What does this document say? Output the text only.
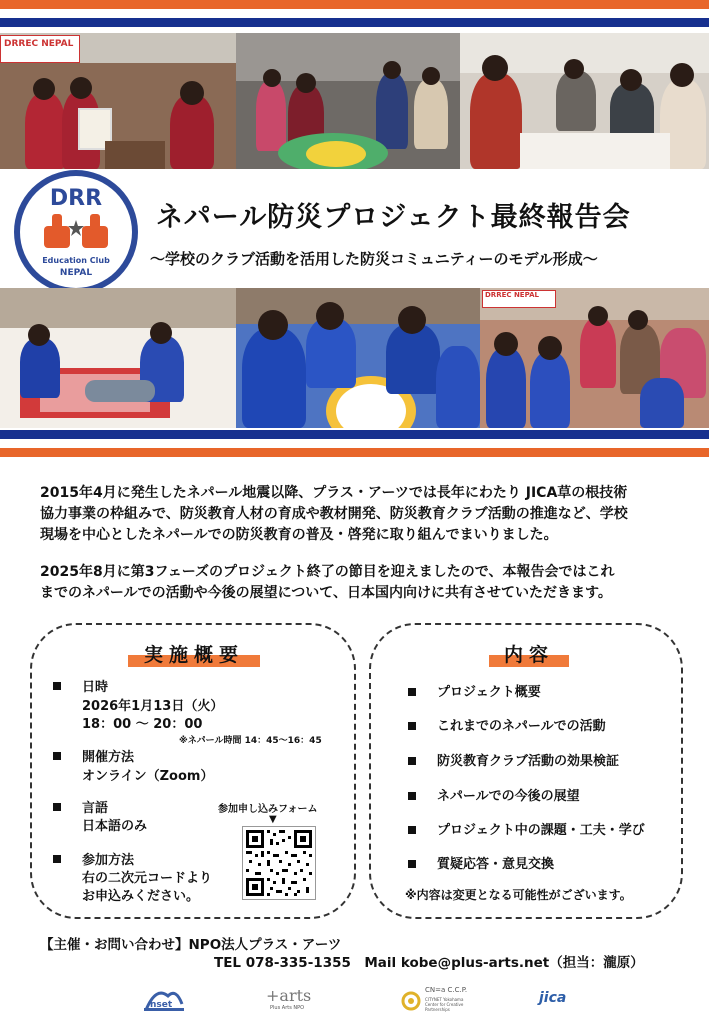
DRREC NEPAL
DRR
Education Club
NEPAL
ネパール防災プロジェクト最終報告会
〜学校のクラブ活動を活用した防災コミュニティーのモデル形成〜
DRREC NEPAL
2015年4月に発生したネパール地震以降、プラス・アーツでは長年にわたり JICA草の根技術
協力事業の枠組みで、防災教育人材の育成や教材開発、防災教育クラブ活動の推進など、学校
現場を中心としたネパールでの防災教育の普及・啓発に取り組んでまいりました。
2025年8月に第3フェーズのプロジェクト終了の節目を迎えましたので、本報告会ではこれ
までのネパールでの活動や今後の展望について、日本国内向けに共有させていただきます。
実施概要
日時
2026年1月13日（火）
18：00 〜 20：00
※ネパール時間 14：45〜16：45
開催方法
オンライン（Zoom）
言語
日本語のみ
参加方法
右の二次元コードより
お申込みください。
参加申し込みフォーム
▼
内容
プロジェクト概要
これまでのネパールでの活動
防災教育クラブ活動の効果検証
ネパールでの今後の展望
プロジェクト中の課題・工夫・学び
質疑応答・意見交換
※内容は変更となる可能性がございます。
【主催・お問い合わせ】NPO法人プラス・アーツ
TEL 078-335-1355　Mail kobe@plus-arts.net（担当：瀧原）
nset	+arts
Plus Arts NPO
CN=a C.C.P.
CITYNET Yokohama Center for Creative Partnerships
jica
